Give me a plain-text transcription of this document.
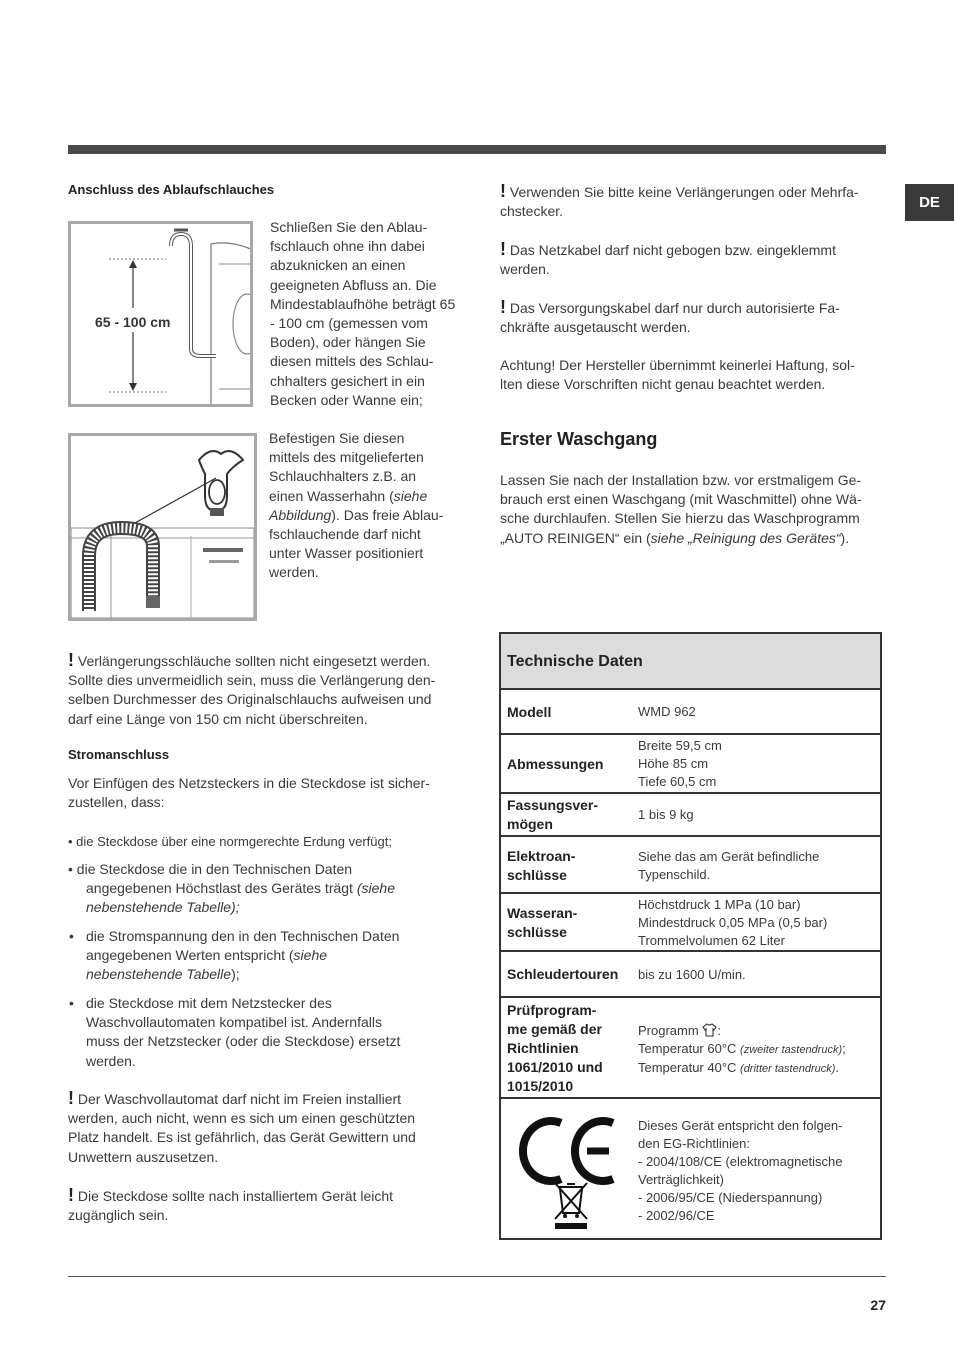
DE
Anschluss des Ablaufschlauches
65 - 100 cm
Schließen Sie den Ablau-
fschlauch ohne ihn dabei
abzuknicken an einen
geeigneten Abfluss an. Die
Mindestablaufhöhe beträgt 65
- 100 cm (gemessen vom
Boden), oder hängen Sie
diesen mittels des Schlau-
chhalters gesichert in ein
Becken oder Wanne ein;
Befestigen Sie diesen
mittels des mitgelieferten
Schlauchhalters z.B. an
einen Wasserhahn (siehe
Abbildung). Das freie Ablau-
fschlauchende darf nicht
unter Wasser positioniert
werden.
! Verlängerungsschläuche sollten nicht eingesetzt werden.
Sollte dies unvermeidlich sein, muss die Verlängerung den-
selben Durchmesser des Originalschlauchs aufweisen und
darf eine Länge von 150 cm nicht überschreiten.
Stromanschluss
Vor Einfügen des Netzsteckers in die Steckdose ist sicher-
zustellen, dass:
• die Steckdose über eine normgerechte Erdung verfügt;
• die Steckdose die in den Technischen Daten
angegebenen Höchstlast des Gerätes trägt (siehe
nebenstehende Tabelle);
• die Stromspannung den in den Technischen Daten
angegebenen Werten entspricht (siehe
nebenstehende Tabelle);
• die Steckdose mit dem Netzstecker des
Waschvollautomaten kompatibel ist. Andernfalls
muss der Netzstecker (oder die Steckdose) ersetzt
werden.
! Der Waschvollautomat darf nicht im Freien installiert
werden, auch nicht, wenn es sich um einen geschützten
Platz handelt. Es ist gefährlich, das Gerät Gewittern und
Unwettern auszusetzen.
! Die Steckdose sollte nach installiertem Gerät leicht
zugänglich sein.
! Verwenden Sie bitte keine Verlängerungen oder Mehrfa-
chstecker.
! Das Netzkabel darf nicht gebogen bzw. eingeklemmt
werden.
! Das Versorgungskabel darf nur durch autorisierte Fa-
chkräfte ausgetauscht werden.
Achtung! Der Hersteller übernimmt keinerlei Haftung, sol-
lten diese Vorschriften nicht genau beachtet werden.
Erster Waschgang
Lassen Sie nach der Installation bzw. vor erstmaligem Ge-
brauch erst einen Waschgang (mit Waschmittel) ohne Wä-
sche durchlaufen. Stellen Sie hierzu das Waschprogramm
„AUTO REINIGEN“ ein (siehe „Reinigung des Gerätes“).
Technische Daten
Modell	WMD 962
Abmessungen
Breite 59,5 cm
Höhe 85 cm
Tiefe 60,5 cm
Fassungsver-
mögen
1 bis 9 kg
Elektroan-
schlüsse
Siehe das am Gerät befindliche
Typenschild.
Wasseran-
schlüsse
Höchstdruck 1 MPa (10 bar)
Mindestdruck 0,05 MPa (0,5 bar)
Trommelvolumen 62 Liter
Schleudertouren bis zu 1600 U/min.
Prüfprogram-
me gemäß der
Richtlinien
1061/2010 und
1015/2010
Programm :
Temperatur 60°C (zweiter tastendruck);
Temperatur 40°C (dritter tastendruck).
Dieses Gerät entspricht den folgen-
den EG-Richtlinien:
- 2004/108/CE (elektromagnetische
Verträglichkeit)
- 2006/95/CE (Niederspannung)
- 2002/96/CE
27
